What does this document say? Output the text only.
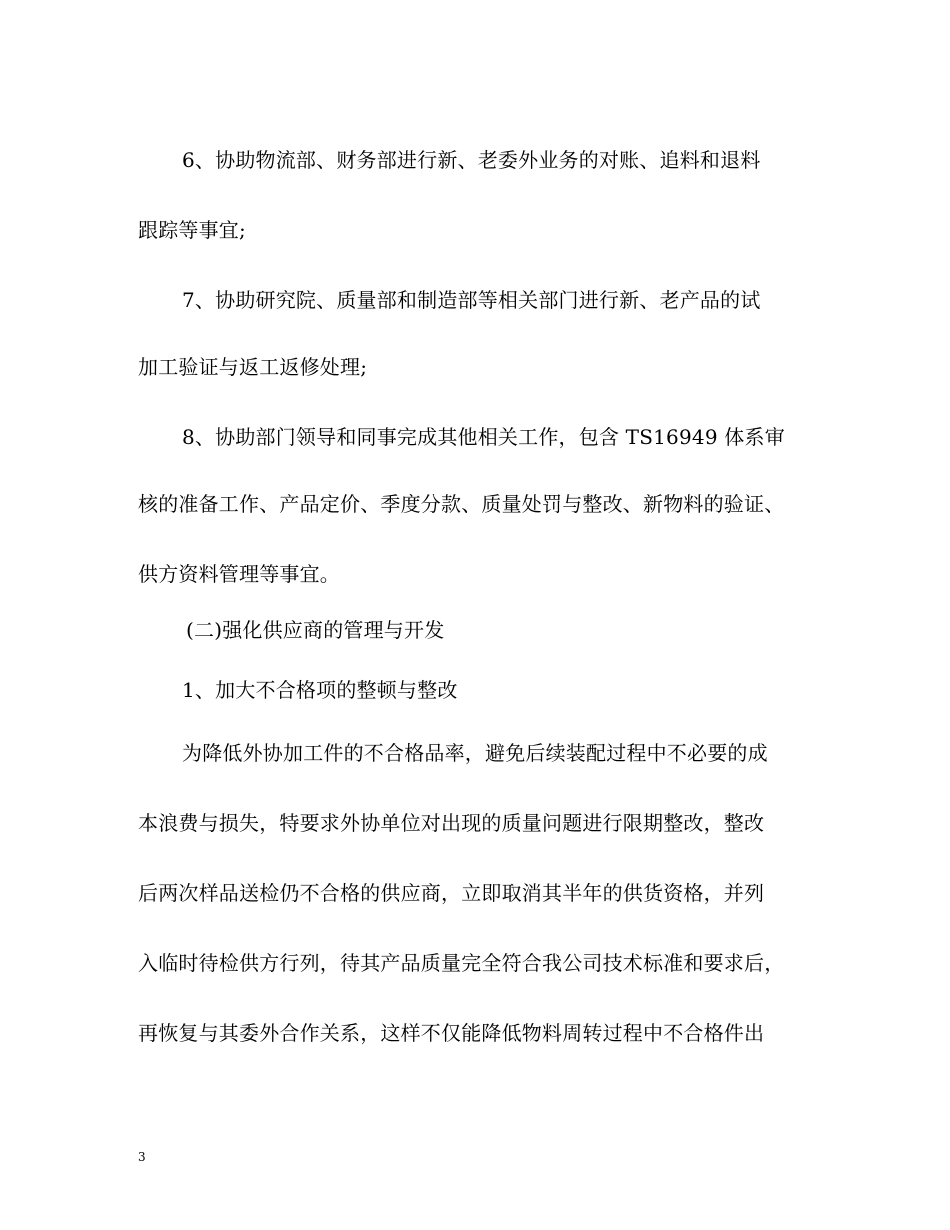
6、协助物流部、财务部进行新、老委外业务的对账、追料和退料
跟踪等事宜;
7、协助研究院、质量部和制造部等相关部门进行新、老产品的试
加工验证与返工返修处理;
8、协助部门领导和同事完成其他相关工作，包含 TS16949 体系审
核的准备工作、产品定价、季度分款、质量处罚与整改、新物料的验证、
供方资料管理等事宜。
(二)强化供应商的管理与开发
1、加大不合格项的整顿与整改
为降低外协加工件的不合格品率，避免后续装配过程中不必要的成
本浪费与损失，特要求外协单位对出现的质量问题进行限期整改，整改
后两次样品送检仍不合格的供应商，立即取消其半年的供货资格，并列
入临时待检供方行列，待其产品质量完全符合我公司技术标准和要求后，
再恢复与其委外合作关系，这样不仅能降低物料周转过程中不合格件出
3
